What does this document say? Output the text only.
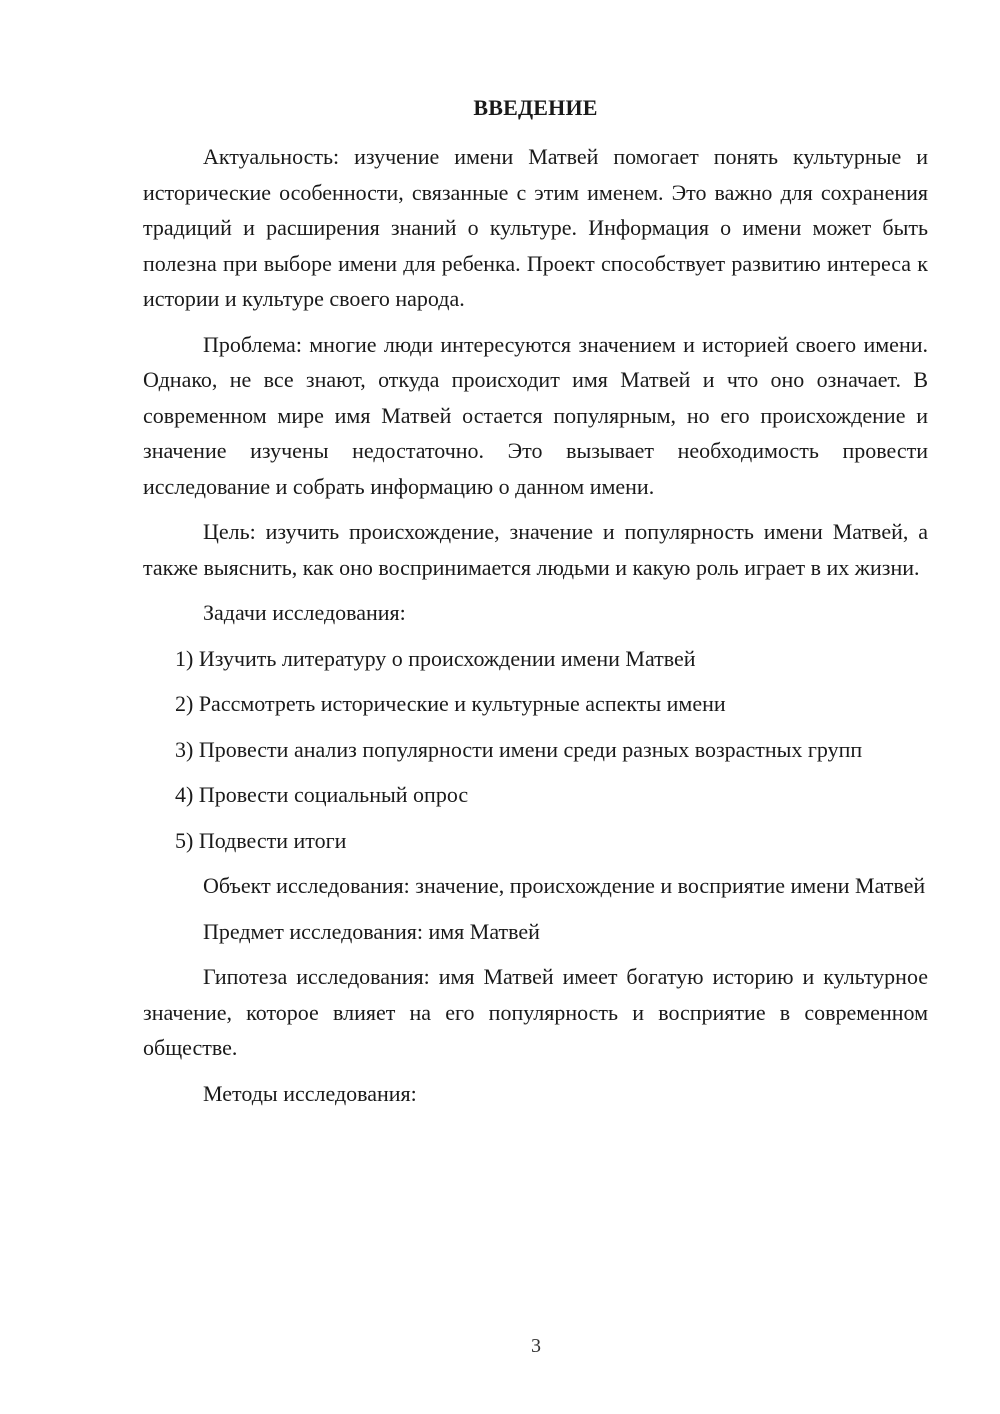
ВВЕДЕНИЕ

Актуальность: изучение имени Матвей помогает понять культурные и исторические особенности, связанные с этим именем. Это важно для сохранения традиций и расширения знаний о культуре. Информация о имени может быть полезна при выборе имени для ребенка. Проект способствует развитию интереса к истории и культуре своего народа.

Проблема: многие люди интересуются значением и историей своего имени. Однако, не все знают, откуда происходит имя Матвей и что оно означает. В современном мире имя Матвей остается популярным, но его происхождение и значение изучены недостаточно. Это вызывает необходимость провести исследование и собрать информацию о данном имени.

Цель: изучить происхождение, значение и популярность имени Матвей, а также выяснить, как оно воспринимается людьми и какую роль играет в их жизни.

Задачи исследования:

1) Изучить литературу о происхождении имени Матвей

2) Рассмотреть исторические и культурные аспекты имени

3) Провести анализ популярности имени среди разных возрастных групп

4) Провести социальный опрос

5) Подвести итоги

Объект исследования: значение, происхождение и восприятие имени Матвей

Предмет исследования: имя Матвей

Гипотеза исследования: имя Матвей имеет богатую историю и культурное значение, которое влияет на его популярность и восприятие в современном обществе.

Методы исследования:

3
